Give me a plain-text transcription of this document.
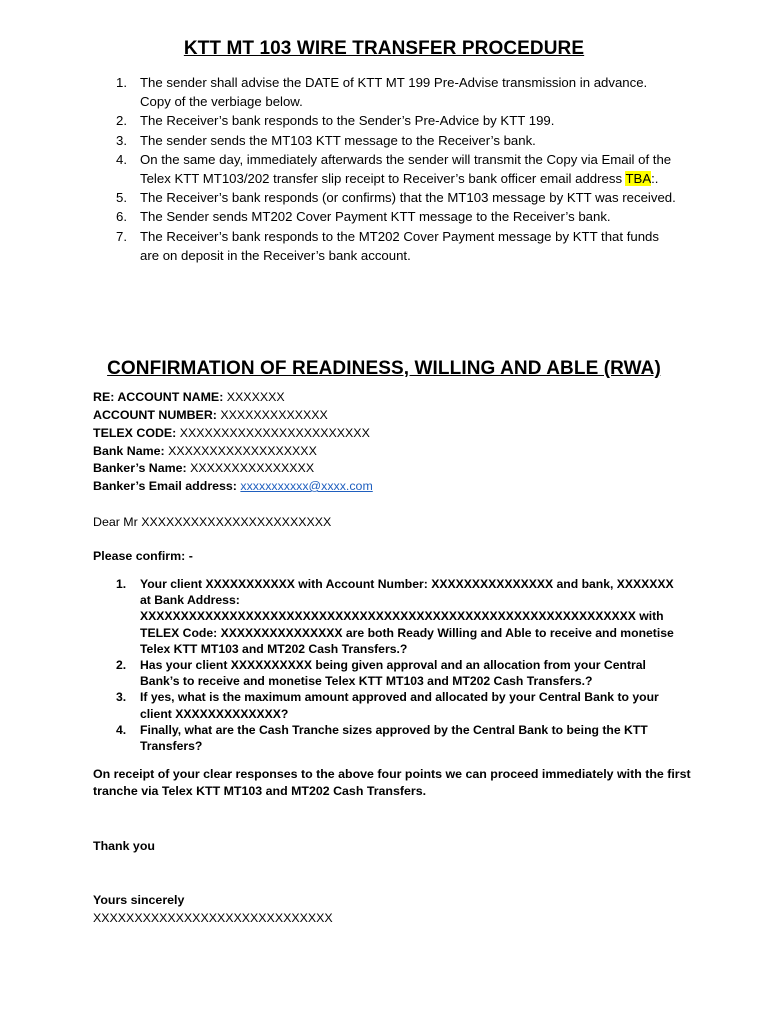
KTT MT 103 WIRE TRANSFER PROCEDURE
1. The sender shall advise the DATE of KTT MT 199 Pre-Advise transmission in advance. Copy of the verbiage below.
2. The Receiver’s bank responds to the Sender’s Pre-Advice by KTT 199.
3. The sender sends the MT103 KTT message to the Receiver’s bank.
4. On the same day, immediately afterwards the sender will transmit the Copy via Email of the Telex KTT MT103/202 transfer slip receipt to Receiver’s bank officer email address TBA:.
5. The Receiver’s bank responds (or confirms) that the MT103 message by KTT was received.
6. The Sender sends MT202 Cover Payment KTT message to the Receiver’s bank.
7. The Receiver’s bank responds to the MT202 Cover Payment message by KTT that funds are on deposit in the Receiver’s bank account.
CONFIRMATION OF READINESS, WILLING AND ABLE (RWA)
RE: ACCOUNT NAME: XXXXXXX
ACCOUNT NUMBER: XXXXXXXXXXXXX
TELEX CODE: XXXXXXXXXXXXXXXXXXXXXXX
Bank Name: XXXXXXXXXXXXXXXXXX
Banker’s Name: XXXXXXXXXXXXXXX
Banker’s Email address: xxxxxxxxxxx@xxxx.com
Dear Mr XXXXXXXXXXXXXXXXXXXXXXX
Please confirm: -
1. Your client XXXXXXXXXXX with Account Number: XXXXXXXXXXXXXXX and bank, XXXXXXX at Bank Address: XXXXXXXXXXXXXXXXXXXXXXXXXXXXXXXXXXXXXXXXXXXXXXXXXXXXXXXXXXXXX with TELEX Code: XXXXXXXXXXXXXXX are both Ready Willing and Able to receive and monetise Telex KTT MT103 and MT202 Cash Transfers.?
2. Has your client XXXXXXXXXX being given approval and an allocation from your Central Bank’s to receive and monetise Telex KTT MT103 and MT202 Cash Transfers.?
3. If yes, what is the maximum amount approved and allocated by your Central Bank to your client XXXXXXXXXXXXX?
4. Finally, what are the Cash Tranche sizes approved by the Central Bank to being the KTT Transfers?
On receipt of your clear responses to the above four points we can proceed immediately with the first tranche via Telex KTT MT103 and MT202 Cash Transfers.
Thank you
Yours sincerely
XXXXXXXXXXXXXXXXXXXXXXXXXXXXX
